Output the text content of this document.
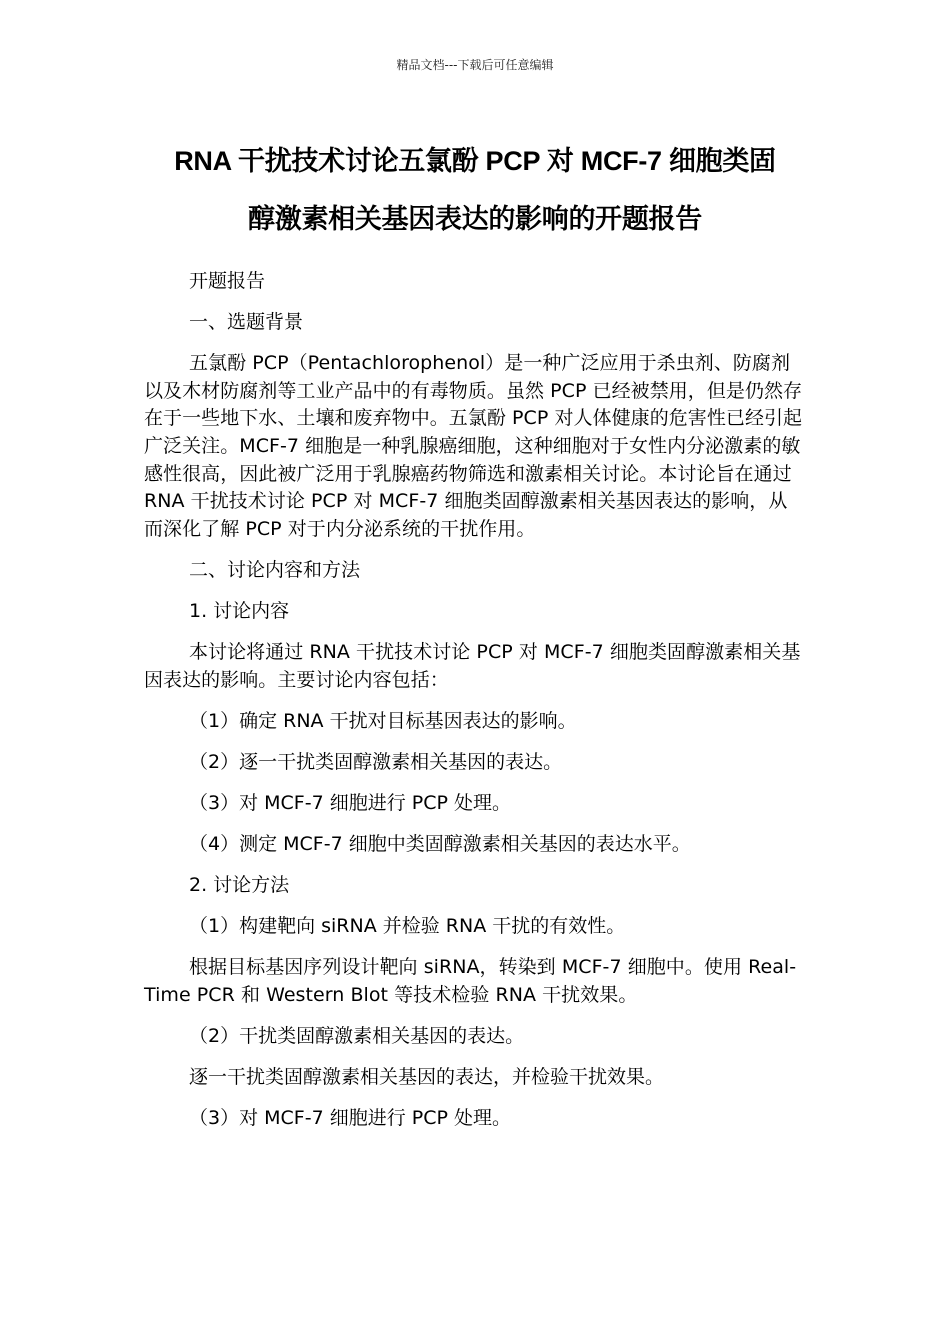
精品文档---下载后可任意编辑
RNA 干扰技术讨论五氯酚 PCP 对 MCF-7 细胞类固
醇激素相关基因表达的影响的开题报告

开题报告

一、选题背景

五氯酚 PCP（Pentachlorophenol）是一种广泛应用于杀虫剂、防腐剂以及木材防腐剂等工业产品中的有毒物质。虽然 PCP 已经被禁用，但是仍然存在于一些地下水、土壤和废弃物中。五氯酚 PCP 对人体健康的危害性已经引起广泛关注。MCF-7 细胞是一种乳腺癌细胞，这种细胞对于女性内分泌激素的敏感性很高，因此被广泛用于乳腺癌药物筛选和激素相关讨论。本讨论旨在通过 RNA 干扰技术讨论 PCP 对 MCF-7 细胞类固醇激素相关基因表达的影响，从而深化了解 PCP 对于内分泌系统的干扰作用。

二、讨论内容和方法

1. 讨论内容

本讨论将通过 RNA 干扰技术讨论 PCP 对 MCF-7 细胞类固醇激素相关基因表达的影响。主要讨论内容包括：

（1）确定 RNA 干扰对目标基因表达的影响。

（2）逐一干扰类固醇激素相关基因的表达。

（3）对 MCF-7 细胞进行 PCP 处理。

（4）测定 MCF-7 细胞中类固醇激素相关基因的表达水平。

2. 讨论方法

（1）构建靶向 siRNA 并检验 RNA 干扰的有效性。

根据目标基因序列设计靶向 siRNA，转染到 MCF-7 细胞中。使用 Real-Time PCR 和 Western Blot 等技术检验 RNA 干扰效果。

（2）干扰类固醇激素相关基因的表达。

逐一干扰类固醇激素相关基因的表达，并检验干扰效果。

（3）对 MCF-7 细胞进行 PCP 处理。
